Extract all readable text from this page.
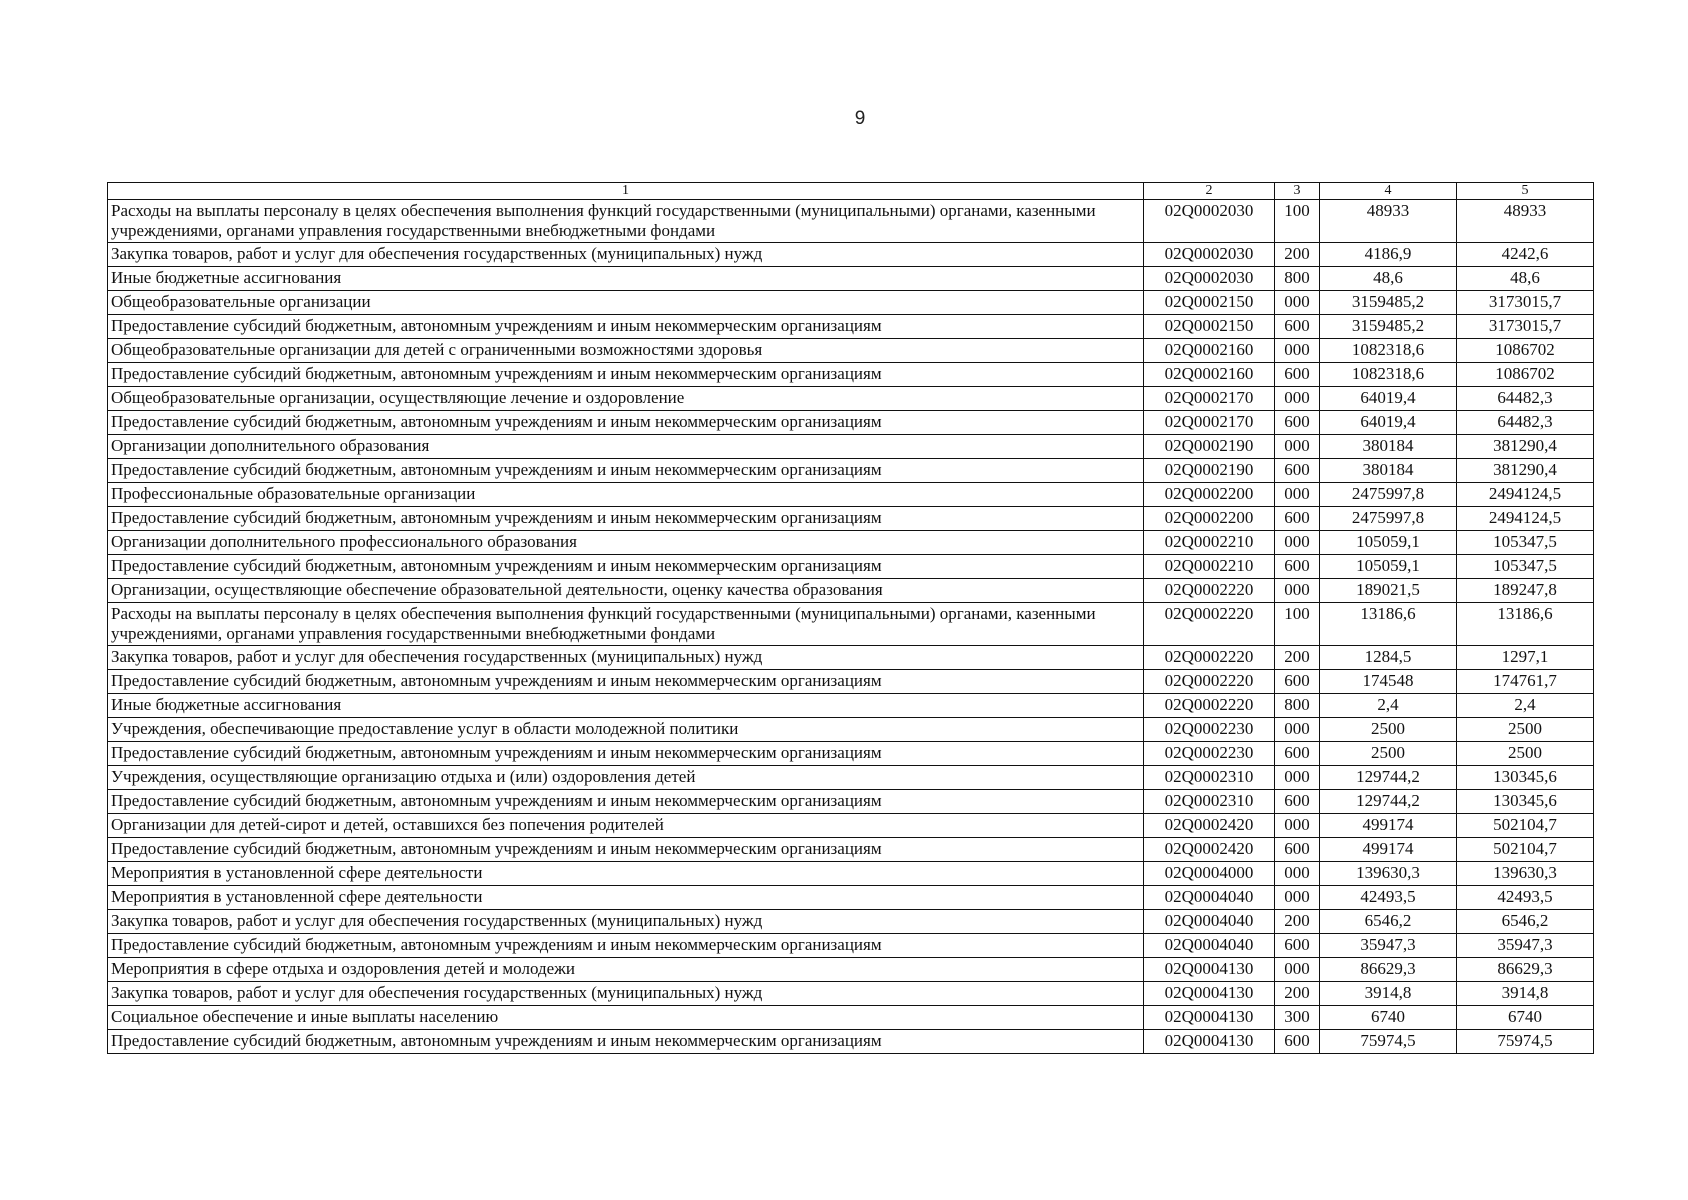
9
1	2	3	4	5
Расходы на выплаты персоналу в целях обеспечения выполнения функций государственными (муниципальными) органами, казенными учреждениями, органами управления государственными внебюджетными фондами	02Q0002030	100	48933	48933
Закупка товаров, работ и услуг для обеспечения государственных (муниципальных) нужд	02Q0002030	200	4186,9	4242,6
Иные бюджетные ассигнования	02Q0002030	800	48,6	48,6
Общеобразовательные организации	02Q0002150	000	3159485,2	3173015,7
Предоставление субсидий бюджетным, автономным учреждениям и иным некоммерческим организациям	02Q0002150	600	3159485,2	3173015,7
Общеобразовательные организации для детей с ограниченными возможностями здоровья	02Q0002160	000	1082318,6	1086702
Предоставление субсидий бюджетным, автономным учреждениям и иным некоммерческим организациям	02Q0002160	600	1082318,6	1086702
Общеобразовательные организации, осуществляющие лечение и оздоровление	02Q0002170	000	64019,4	64482,3
Предоставление субсидий бюджетным, автономным учреждениям и иным некоммерческим организациям	02Q0002170	600	64019,4	64482,3
Организации дополнительного образования	02Q0002190	000	380184	381290,4
Предоставление субсидий бюджетным, автономным учреждениям и иным некоммерческим организациям	02Q0002190	600	380184	381290,4
Профессиональные образовательные организации	02Q0002200	000	2475997,8	2494124,5
Предоставление субсидий бюджетным, автономным учреждениям и иным некоммерческим организациям	02Q0002200	600	2475997,8	2494124,5
Организации дополнительного профессионального образования	02Q0002210	000	105059,1	105347,5
Предоставление субсидий бюджетным, автономным учреждениям и иным некоммерческим организациям	02Q0002210	600	105059,1	105347,5
Организации, осуществляющие обеспечение образовательной деятельности, оценку качества образования	02Q0002220	000	189021,5	189247,8
Расходы на выплаты персоналу в целях обеспечения выполнения функций государственными (муниципальными) органами, казенными учреждениями, органами управления государственными внебюджетными фондами	02Q0002220	100	13186,6	13186,6
Закупка товаров, работ и услуг для обеспечения государственных (муниципальных) нужд	02Q0002220	200	1284,5	1297,1
Предоставление субсидий бюджетным, автономным учреждениям и иным некоммерческим организациям	02Q0002220	600	174548	174761,7
Иные бюджетные ассигнования	02Q0002220	800	2,4	2,4
Учреждения, обеспечивающие предоставление услуг в области молодежной политики	02Q0002230	000	2500	2500
Предоставление субсидий бюджетным, автономным учреждениям и иным некоммерческим организациям	02Q0002230	600	2500	2500
Учреждения, осуществляющие организацию отдыха и (или) оздоровления детей	02Q0002310	000	129744,2	130345,6
Предоставление субсидий бюджетным, автономным учреждениям и иным некоммерческим организациям	02Q0002310	600	129744,2	130345,6
Организации для детей-сирот и детей, оставшихся без попечения родителей	02Q0002420	000	499174	502104,7
Предоставление субсидий бюджетным, автономным учреждениям и иным некоммерческим организациям	02Q0002420	600	499174	502104,7
Мероприятия в установленной сфере деятельности	02Q0004000	000	139630,3	139630,3
Мероприятия в установленной сфере деятельности	02Q0004040	000	42493,5	42493,5
Закупка товаров, работ и услуг для обеспечения государственных (муниципальных) нужд	02Q0004040	200	6546,2	6546,2
Предоставление субсидий бюджетным, автономным учреждениям и иным некоммерческим организациям	02Q0004040	600	35947,3	35947,3
Мероприятия в сфере отдыха и оздоровления детей и молодежи	02Q0004130	000	86629,3	86629,3
Закупка товаров, работ и услуг для обеспечения государственных (муниципальных) нужд	02Q0004130	200	3914,8	3914,8
Социальное обеспечение и иные выплаты населению	02Q0004130	300	6740	6740
Предоставление субсидий бюджетным, автономным учреждениям и иным некоммерческим организациям	02Q0004130	600	75974,5	75974,5
